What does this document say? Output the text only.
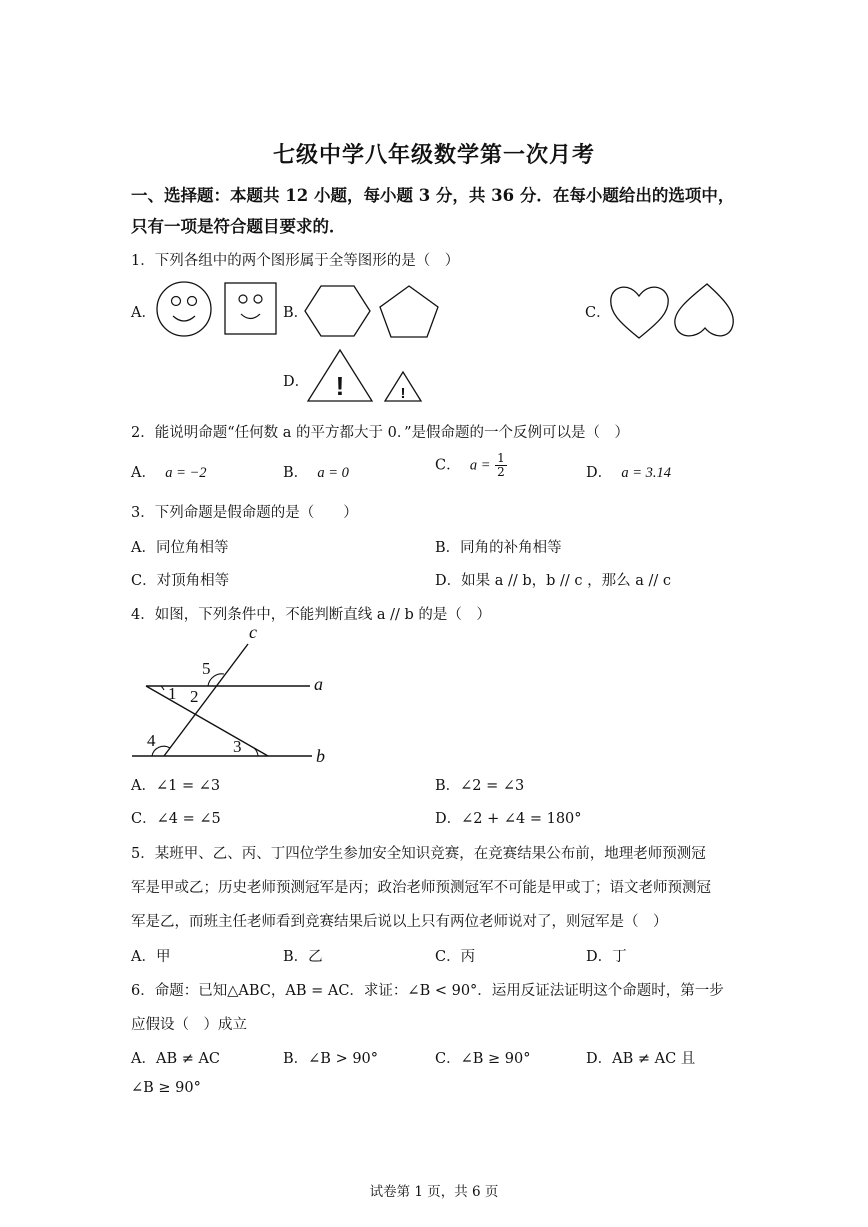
七级中学八年级数学第一次月考
一、选择题：本题共 12 小题，每小题 3 分，共 36 分．在每小题给出的选项中，
只有一项是符合题目要求的．
1．下列各组中的两个图形属于全等图形的是（　）
A．	B．	C．
D． !	!
2．能说明命题“任何数 a 的平方都大于 0．”是假命题的一个反例可以是（　）
A． a = −2	B． a = 0	C． $a = \frac{1}{2}$	D． a = 3.14
3．下列命题是假命题的是（　　）
A．同位角相等	B．同角的补角相等
C．对顶角相等	D．如果 a // b，b // c ，那么 a // c
4．如图，下列条件中，不能判断直线 a // b 的是（　）
c
a
b
1 2
3
4
5
A．∠1 = ∠3	B．∠2 = ∠3
C．∠4 = ∠5	D．∠2 + ∠4 = 180°
5．某班甲、乙、丙、丁四位学生参加安全知识竞赛，在竞赛结果公布前，地理老师预测冠
军是甲或乙；历史老师预测冠军是丙；政治老师预测冠军不可能是甲或丁；语文老师预测冠
军是乙，而班主任老师看到竞赛结果后说以上只有两位老师说对了，则冠军是（　）
A．甲	B．乙	C．丙	D．丁
6．命题：已知△ABC，AB = AC．求证：∠B < 90°．运用反证法证明这个命题时，第一步
应假设（　）成立
A．AB ≠ AC	B．∠B > 90°	C．∠B ≥ 90°	D．AB ≠ AC 且
∠B ≥ 90°
试卷第 1 页，共 6 页
